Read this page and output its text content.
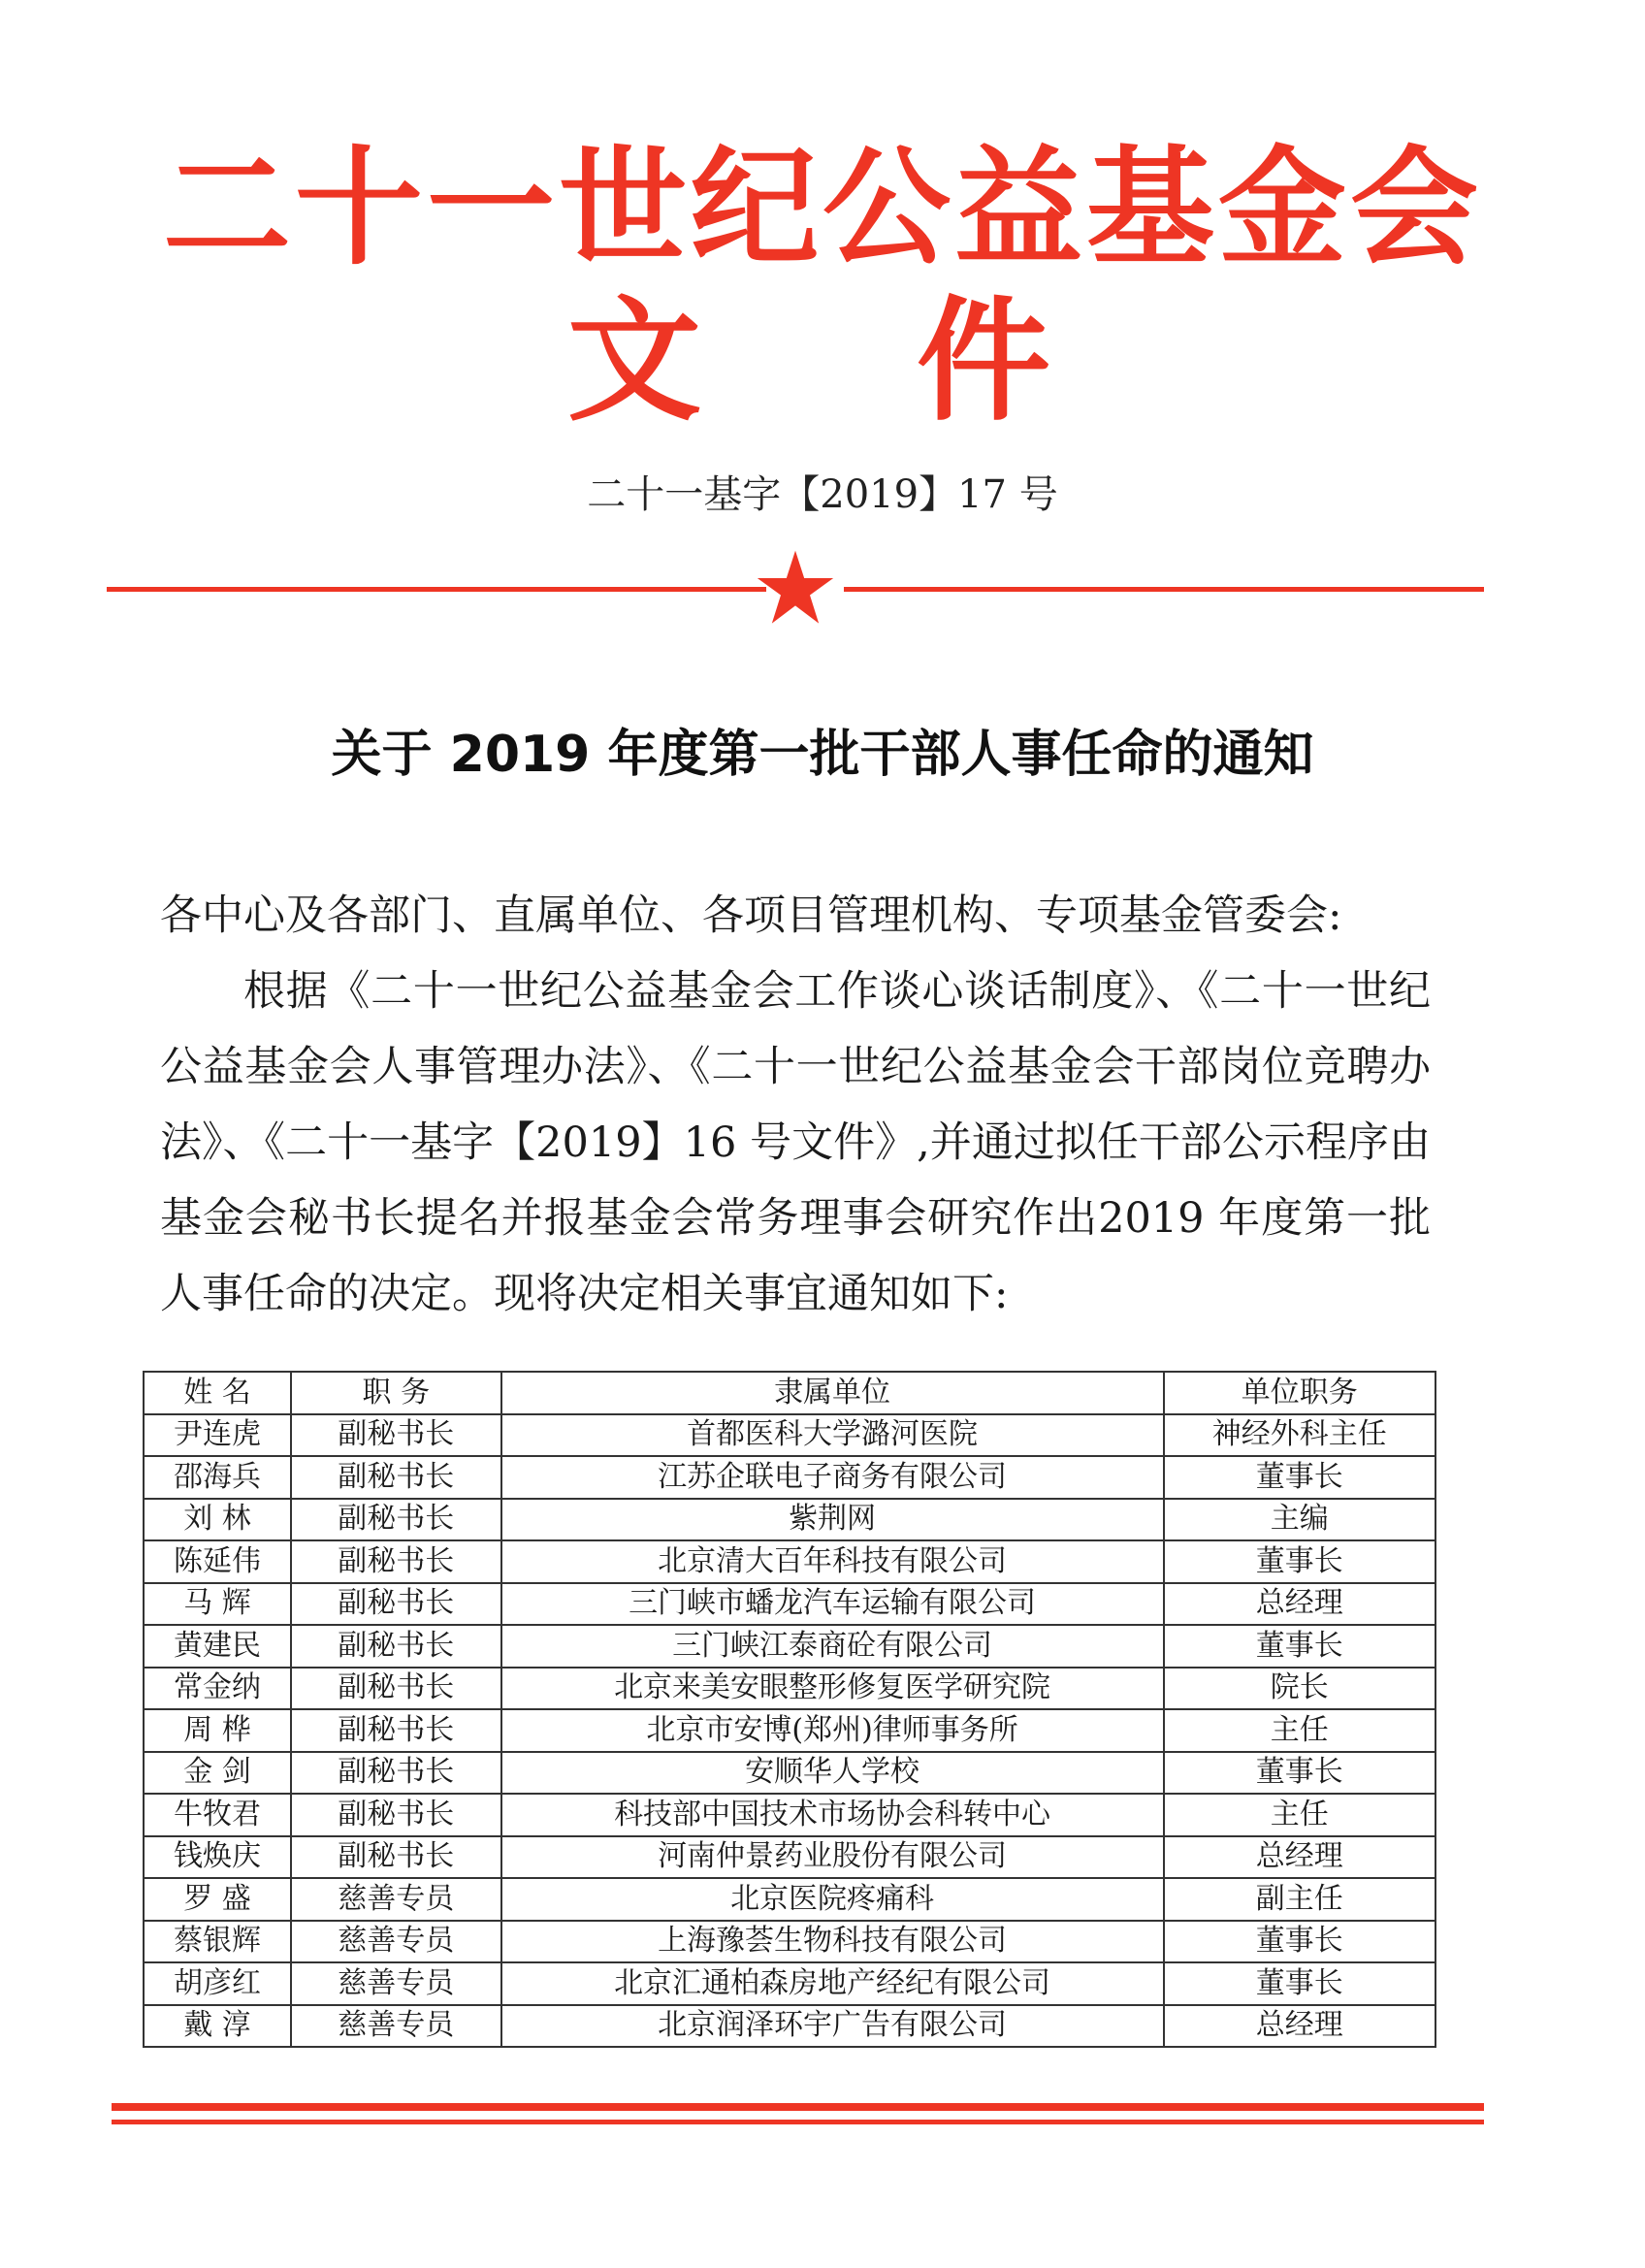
二十一世纪公益基金会
文 件
二十一基字【2019】17 号
关于 2019 年度第一批干部人事任命的通知

各中心及各部门、直属单位、各项目管理机构、专项基金管委会:

根据《二十一世纪公益基金会工作谈心谈话制度》、《二十一世纪公益基金会人事管理办法》、《二十一世纪公益基金会干部岗位竞聘办法》、《二十一基字【2019】16 号文件》,并通过拟任干部公示程序由基金会秘书长提名并报基金会常务理事会研究作出2019 年度第一批人事任命的决定。现将决定相关事宜通知如下:

姓 名	职 务	隶属单位	单位职务
尹连虎	副秘书长	首都医科大学潞河医院	神经外科主任
邵海兵	副秘书长	江苏企联电子商务有限公司	董事长
刘 林	副秘书长	紫荆网	主编
陈延伟	副秘书长	北京清大百年科技有限公司	董事长
马 辉	副秘书长	三门峡市蟠龙汽车运输有限公司	总经理
黄建民	副秘书长	三门峡江泰商砼有限公司	董事长
常金纳	副秘书长	北京来美安眼整形修复医学研究院	院长
周 桦	副秘书长	北京市安博(郑州)律师事务所	主任
金 剑	副秘书长	安顺华人学校	董事长
牛牧君	副秘书长	科技部中国技术市场协会科转中心	主任
钱焕庆	副秘书长	河南仲景药业股份有限公司	总经理
罗 盛	慈善专员	北京医院疼痛科	副主任
蔡银辉	慈善专员	上海豫荟生物科技有限公司	董事长
胡彦红	慈善专员	北京汇通柏森房地产经纪有限公司	董事长
戴 淳	慈善专员	北京润泽环宇广告有限公司	总经理
